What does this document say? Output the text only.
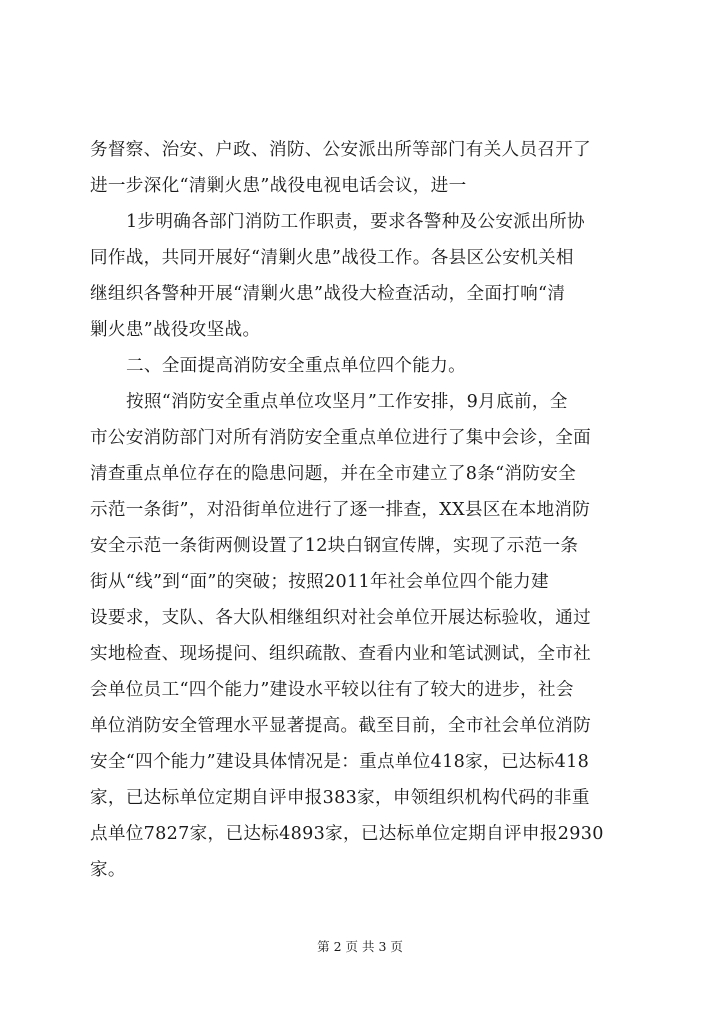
务督察、治安、户政、消防、公安派出所等部门有关人员召开了
进一步深化“清剿火患”战役电视电话会议，进一
1步明确各部门消防工作职责，要求各警种及公安派出所协
同作战，共同开展好“清剿火患”战役工作。各县区公安机关相
继组织各警种开展“清剿火患”战役大检查活动，全面打响“清
剿火患”战役攻坚战。
二、全面提高消防安全重点单位四个能力。
按照“消防安全重点单位攻坚月”工作安排，9月底前，全
市公安消防部门对所有消防安全重点单位进行了集中会诊，全面
清查重点单位存在的隐患问题，并在全市建立了8条“消防安全
示范一条街”，对沿街单位进行了逐一排查，XX县区在本地消防
安全示范一条街两侧设置了12块白钢宣传牌，实现了示范一条
街从“线”到“面”的突破；按照2011年社会单位四个能力建
设要求，支队、各大队相继组织对社会单位开展达标验收，通过
实地检查、现场提问、组织疏散、查看内业和笔试测试，全市社
会单位员工“四个能力”建设水平较以往有了较大的进步，社会
单位消防安全管理水平显著提高。截至目前，全市社会单位消防
安全“四个能力”建设具体情况是：重点单位418家，已达标418
家，已达标单位定期自评申报383家，申领组织机构代码的非重
点单位7827家，已达标4893家，已达标单位定期自评申报2930
家。
第 2 页 共 3 页
